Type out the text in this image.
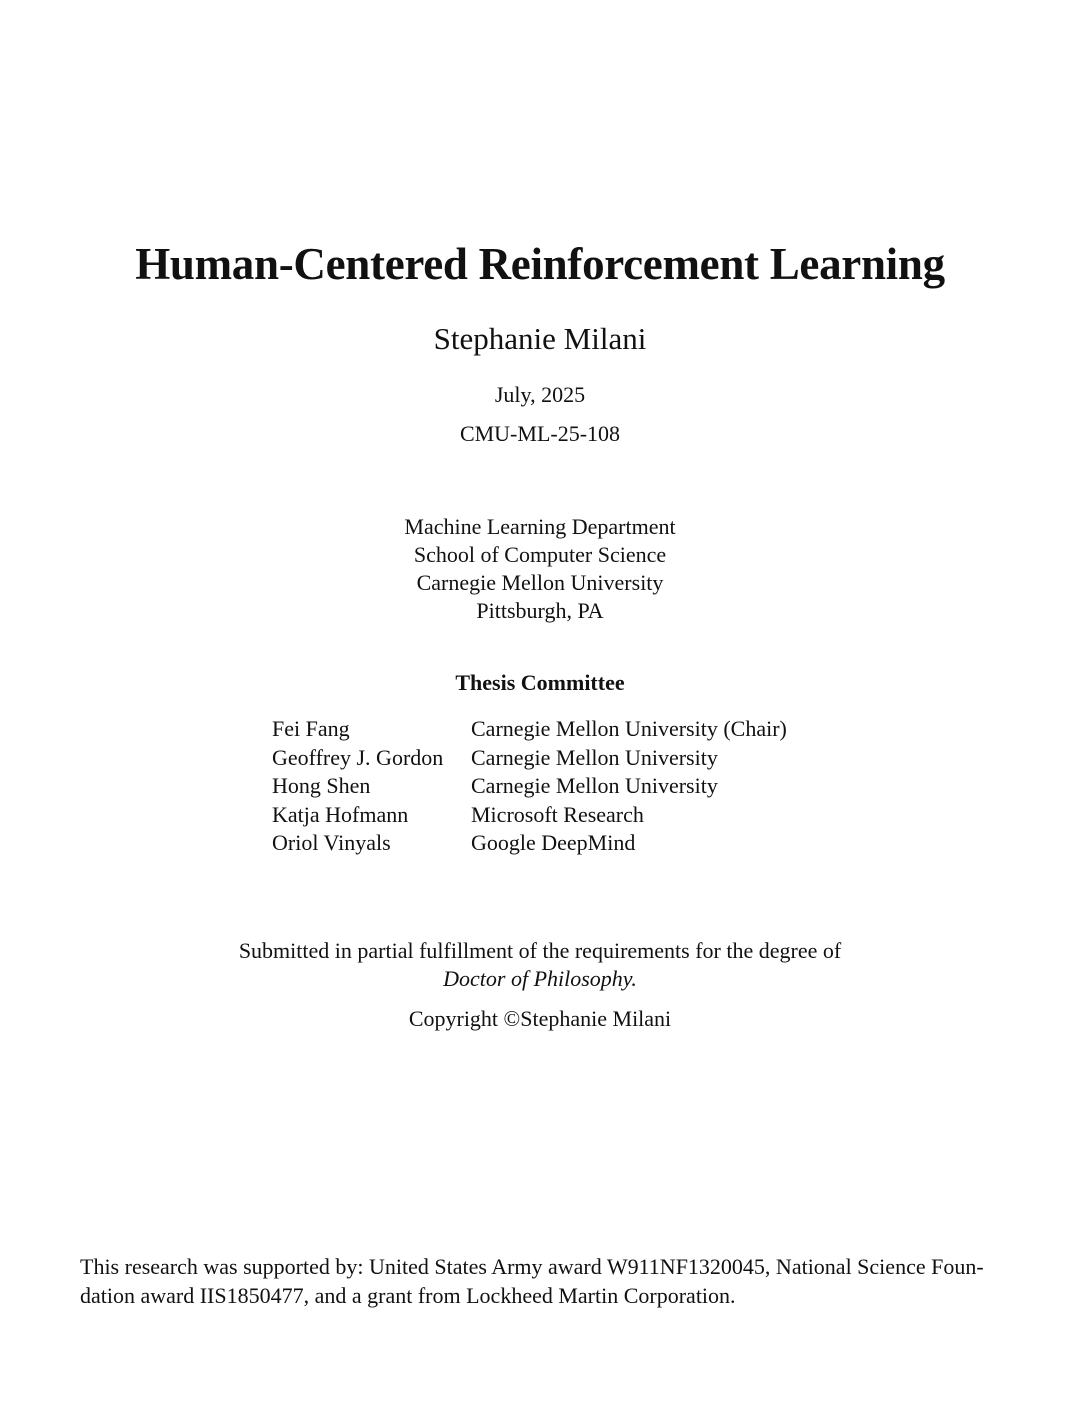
Human-Centered Reinforcement Learning
Stephanie Milani
July, 2025
CMU-ML-25-108
Machine Learning Department
School of Computer Science
Carnegie Mellon University
Pittsburgh, PA
Thesis Committee
Fei Fang	Carnegie Mellon University (Chair)
Geoffrey J. Gordon	Carnegie Mellon University
Hong Shen	Carnegie Mellon University
Katja Hofmann	Microsoft Research
Oriol Vinyals	Google DeepMind
Submitted in partial fulfillment of the requirements for the degree of
Doctor of Philosophy.
Copyright ©Stephanie Milani
This research was supported by: United States Army award W911NF1320045, National Science Foun-
dation award IIS1850477, and a grant from Lockheed Martin Corporation.
